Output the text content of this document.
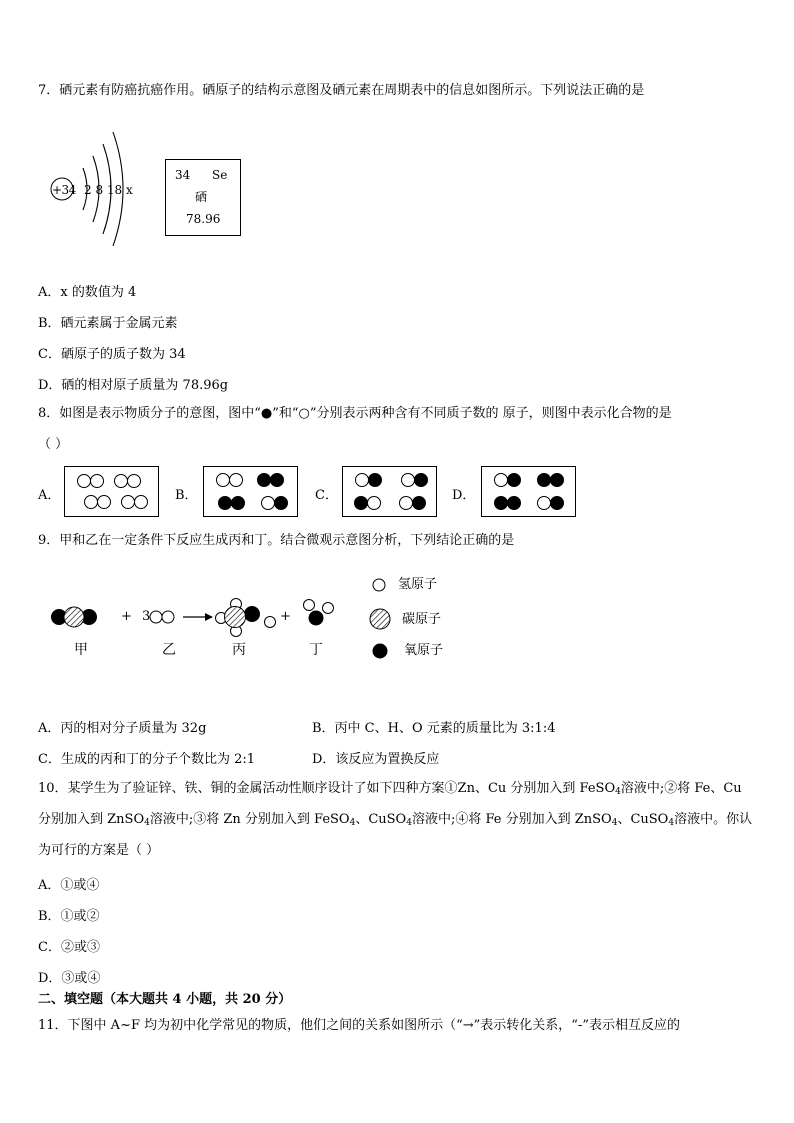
7．硒元素有防癌抗癌作用。硒原子的结构示意图及硒元素在周期表中的信息如图所示。下列说法正确的是
+34 2 8 18 x
34 Se
硒
78.96
A．x 的数值为 4
B．硒元素属于金属元素
C．硒原子的质子数为 34
D．硒的相对原子质量为 78.96g
8．如图是表示物质分子的意图，图中“●”和“○”分别表示两种含有不同质子数的 原子，则图中表示化合物的是
（ ）
A．	B．	C．	D．
9．甲和乙在一定条件下反应生成丙和丁。结合微观示意图分析，下列结论正确的是
+ 3	+
甲	乙	丙	丁
氢原子
碳原子
氧原子
A．丙的相对分子质量为 32g	B．丙中 C、H、O 元素的质量比为 3:1:4
C．生成的丙和丁的分子个数比为 2:1	D．该反应为置换反应
10．某学生为了验证锌、铁、铜的金属活动性顺序设计了如下四种方案①Zn、Cu 分别加入到 FeSO$_4$溶液中;②将 Fe、Cu
分别加入到 ZnSO$_4$溶液中;③将 Zn 分别加入到 FeSO$_4$、CuSO$_4$溶液中;④将 Fe 分别加入到 ZnSO$_4$、CuSO$_4$溶液中。你认
为可行的方案是（ ）
A．①或④
B．①或②
C．②或③
D．③或④
二、填空题（本大题共 4 小题，共 20 分）
11．下图中 A~F 均为初中化学常见的物质，他们之间的关系如图所示（“→”表示转化关系，“-”表示相互反应的
